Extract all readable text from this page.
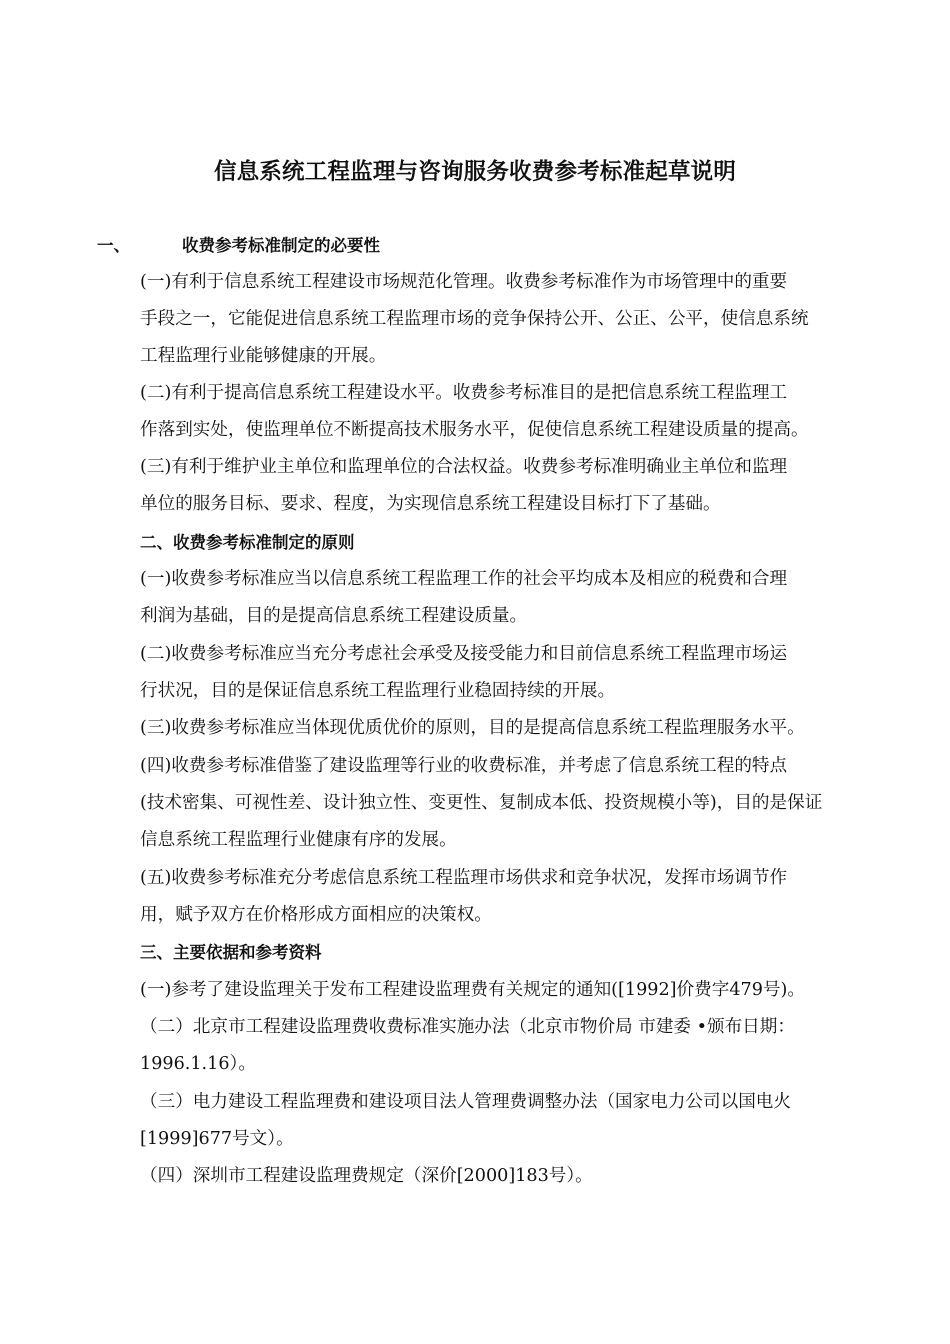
信息系统工程监理与咨询服务收费参考标准起草说明
一、	收费参考标准制定的必要性
(一)有利于信息系统工程建设市场规范化管理。收费参考标准作为市场管理中的重要
手段之一，它能促进信息系统工程监理市场的竞争保持公开、公正、公平，使信息系统
工程监理行业能够健康的开展。
(二)有利于提高信息系统工程建设水平。收费参考标准目的是把信息系统工程监理工
作落到实处，使监理单位不断提高技术服务水平，促使信息系统工程建设质量的提高。
(三)有利于维护业主单位和监理单位的合法权益。收费参考标准明确业主单位和监理
单位的服务目标、要求、程度，为实现信息系统工程建设目标打下了基础。
二、收费参考标准制定的原则
(一)收费参考标准应当以信息系统工程监理工作的社会平均成本及相应的税费和合理
利润为基础，目的是提高信息系统工程建设质量。
(二)收费参考标准应当充分考虑社会承受及接受能力和目前信息系统工程监理市场运
行状况，目的是保证信息系统工程监理行业稳固持续的开展。
(三)收费参考标准应当体现优质优价的原则，目的是提高信息系统工程监理服务水平。
(四)收费参考标准借鉴了建设监理等行业的收费标准，并考虑了信息系统工程的特点
(技术密集、可视性差、设计独立性、变更性、复制成本低、投资规模小等)，目的是保证
信息系统工程监理行业健康有序的发展。
(五)收费参考标准充分考虑信息系统工程监理市场供求和竞争状况，发挥市场调节作
用，赋予双方在价格形成方面相应的决策权。
三、主要依据和参考资料
(一)参考了建设监理关于发布工程建设监理费有关规定的通知([1992]价费字479号)。
（二）北京市工程建设监理费收费标准实施办法（北京市物价局 市建委 •颁布日期：
1996.1.16）。
（三）电力建设工程监理费和建设项目法人管理费调整办法（国家电力公司以国电火
[1999]677号文）。
（四）深圳市工程建设监理费规定（深价[2000]183号）。
